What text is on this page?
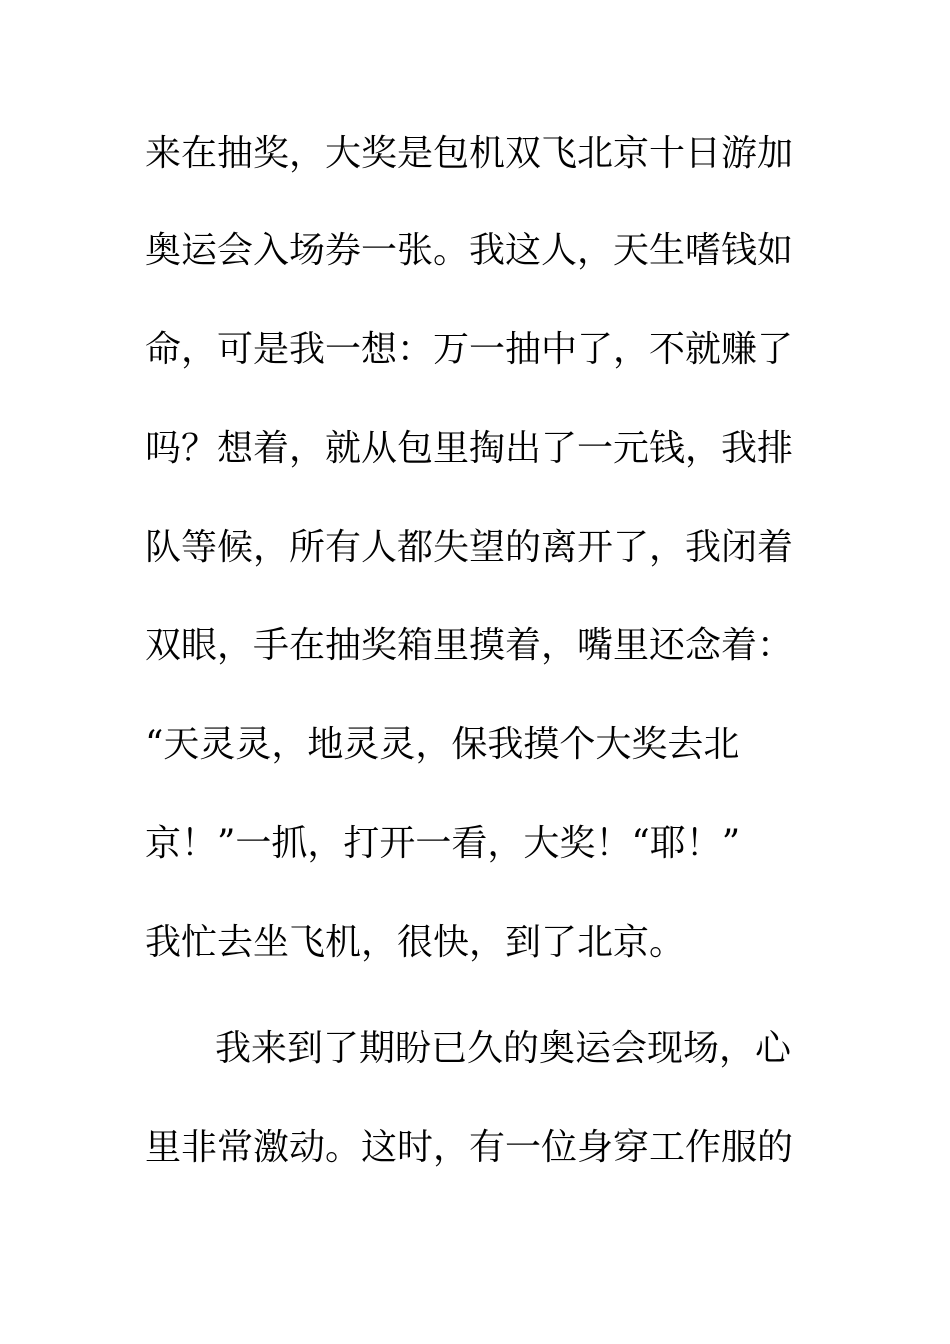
来在抽奖，大奖是包机双飞北京十日游加
奥运会入场券一张。我这人，天生嗜钱如
命，可是我一想：万一抽中了，不就赚了
吗？想着，就从包里掏出了一元钱，我排
队等候，所有人都失望的离开了，我闭着
双眼，手在抽奖箱里摸着，嘴里还念着：
“天灵灵，地灵灵，保我摸个大奖去北
京！”一抓，打开一看，大奖！“耶！”
我忙去坐飞机，很快，到了北京。
我来到了期盼已久的奥运会现场，心
里非常激动。这时，有一位身穿工作服的
